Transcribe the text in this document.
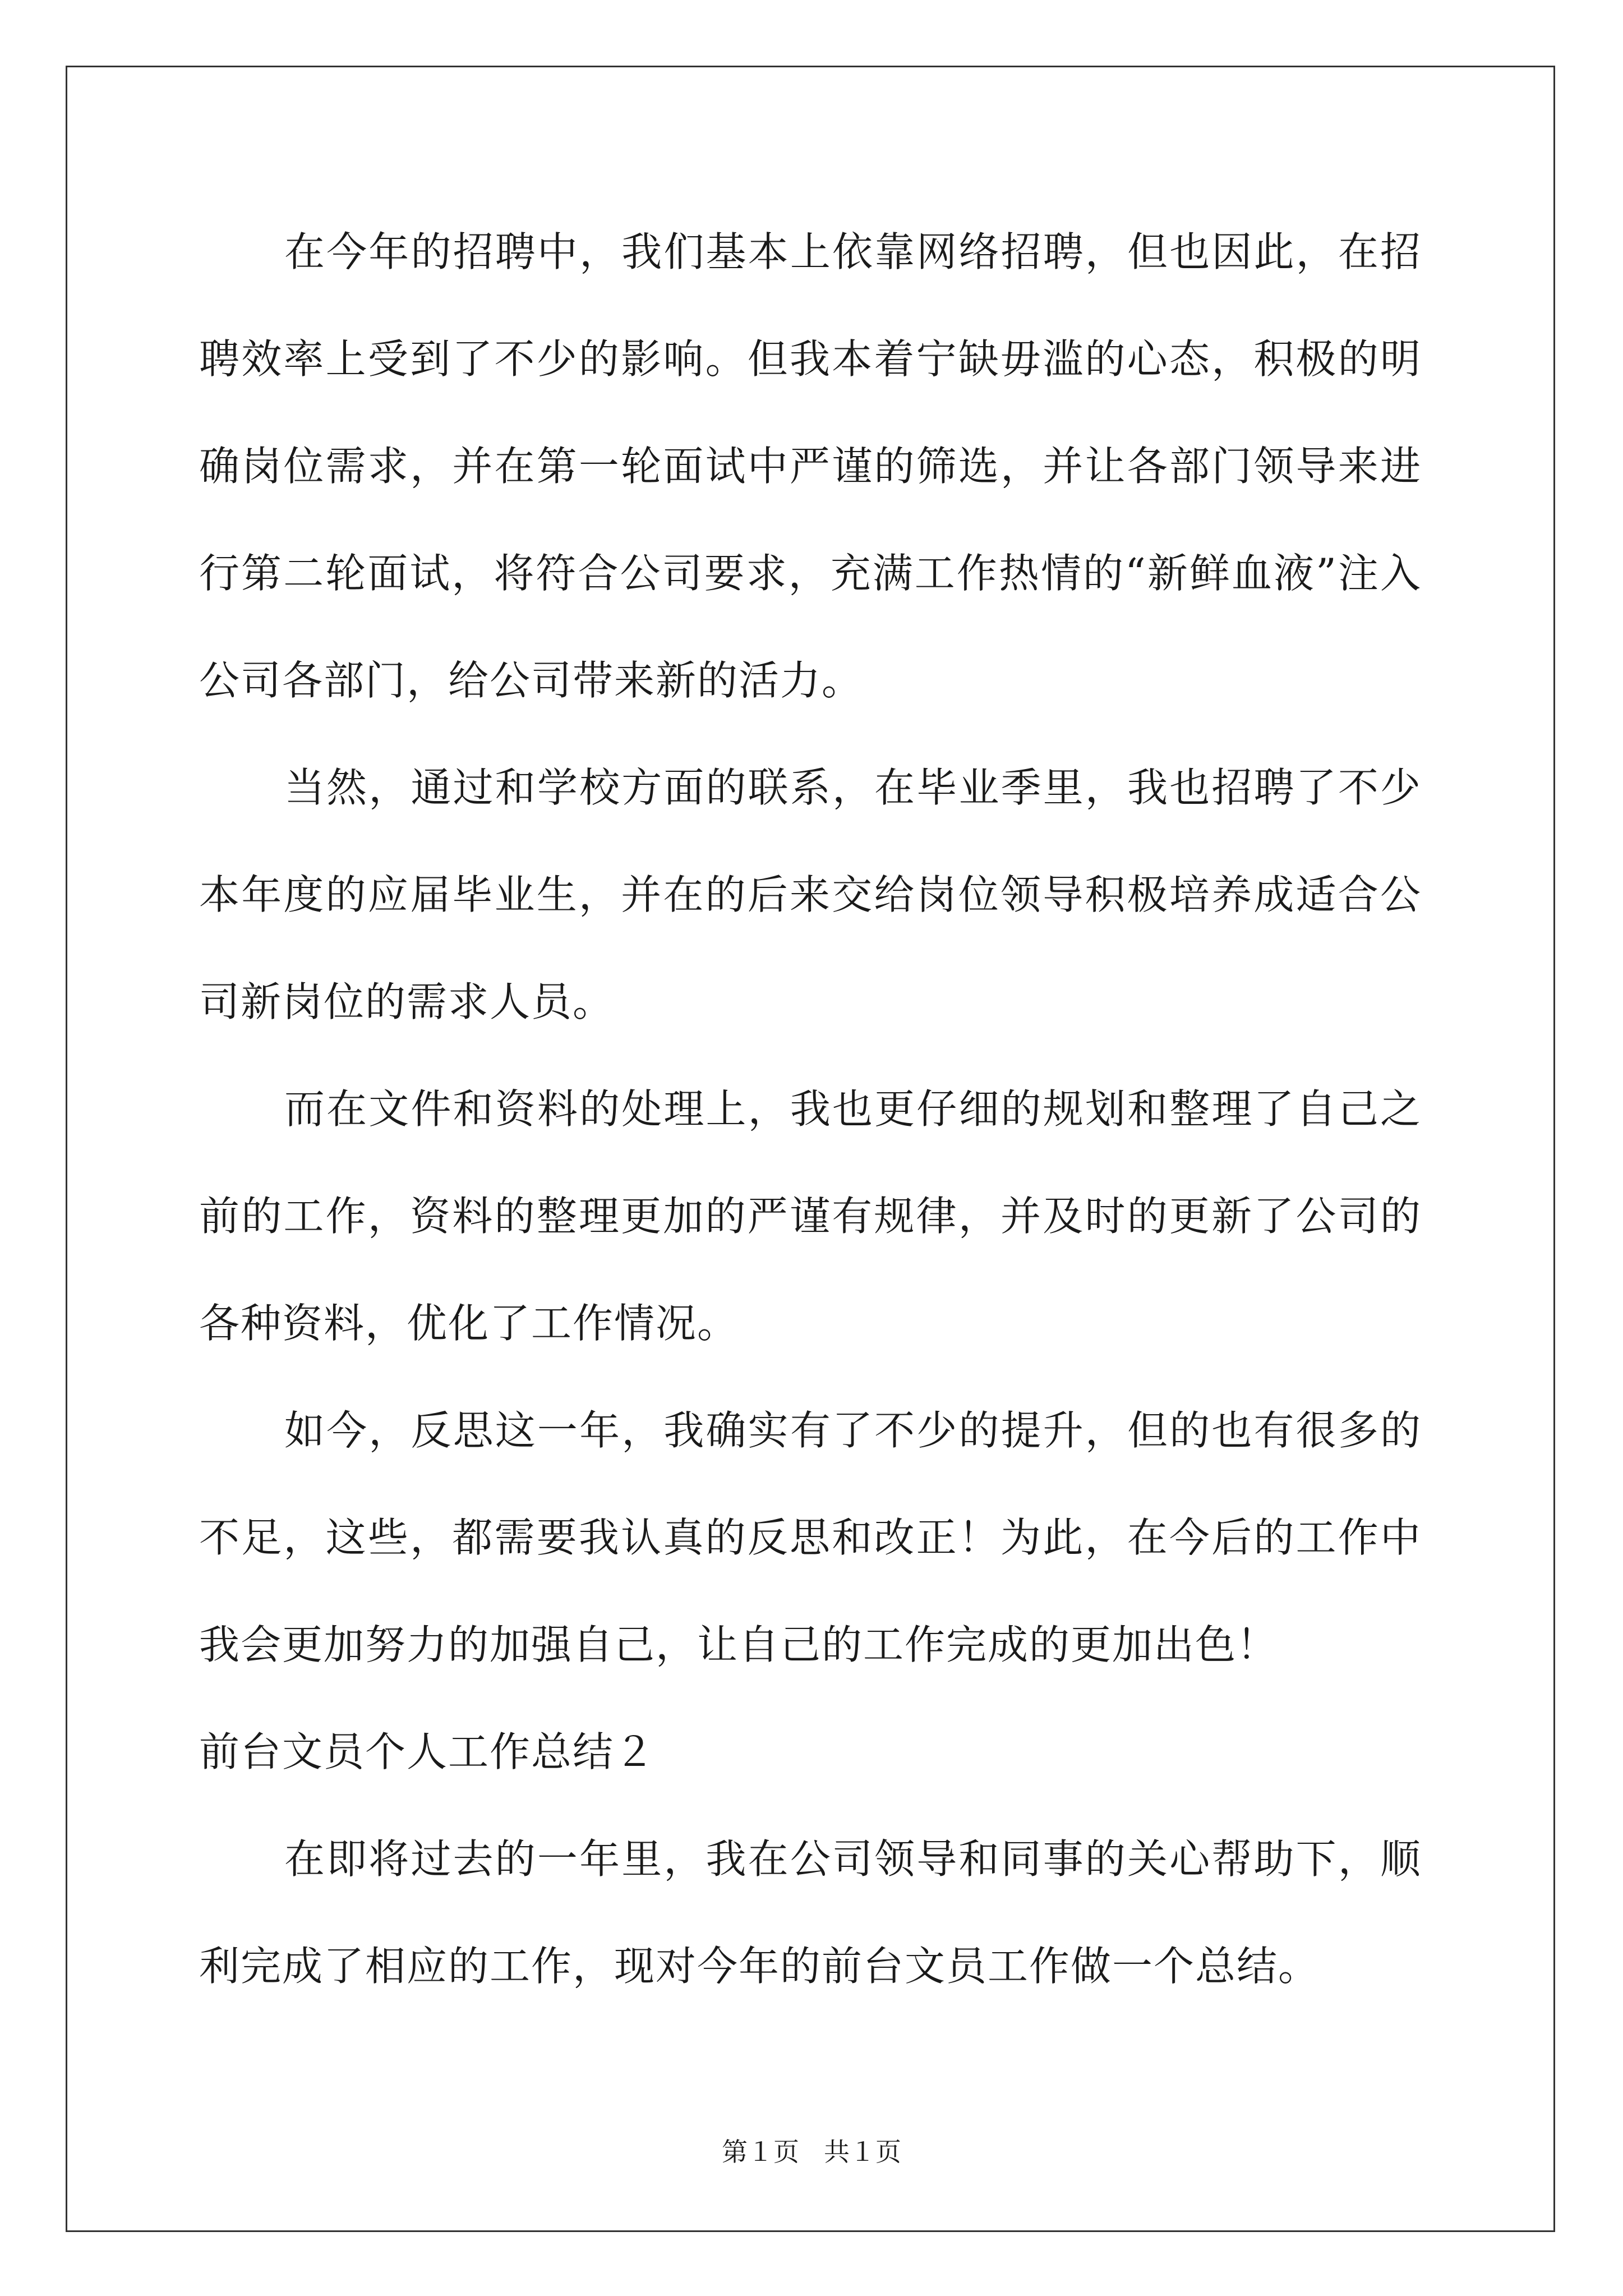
在今年的招聘中，我们基本上依靠网络招聘，但也因此，在招聘效率上受到了不少的影响。但我本着宁缺毋滥的心态，积极的明确岗位需求，并在第一轮面试中严谨的筛选，并让各部门领导来进行第二轮面试，将符合公司要求，充满工作热情的“新鲜血液”注入公司各部门，给公司带来新的活力。

当然，通过和学校方面的联系，在毕业季里，我也招聘了不少本年度的应届毕业生，并在的后来交给岗位领导积极培养成适合公司新岗位的需求人员。

而在文件和资料的处理上，我也更仔细的规划和整理了自己之前的工作，资料的整理更加的严谨有规律，并及时的更新了公司的各种资料，优化了工作情况。

如今，反思这一年，我确实有了不少的提升，但的也有很多的不足，这些，都需要我认真的反思和改正！为此，在今后的工作中我会更加努力的加强自己，让自己的工作完成的更加出色！

前台文员个人工作总结２

在即将过去的一年里，我在公司领导和同事的关心帮助下，顺利完成了相应的工作，现对今年的前台文员工作做一个总结。

第１页 共１页
